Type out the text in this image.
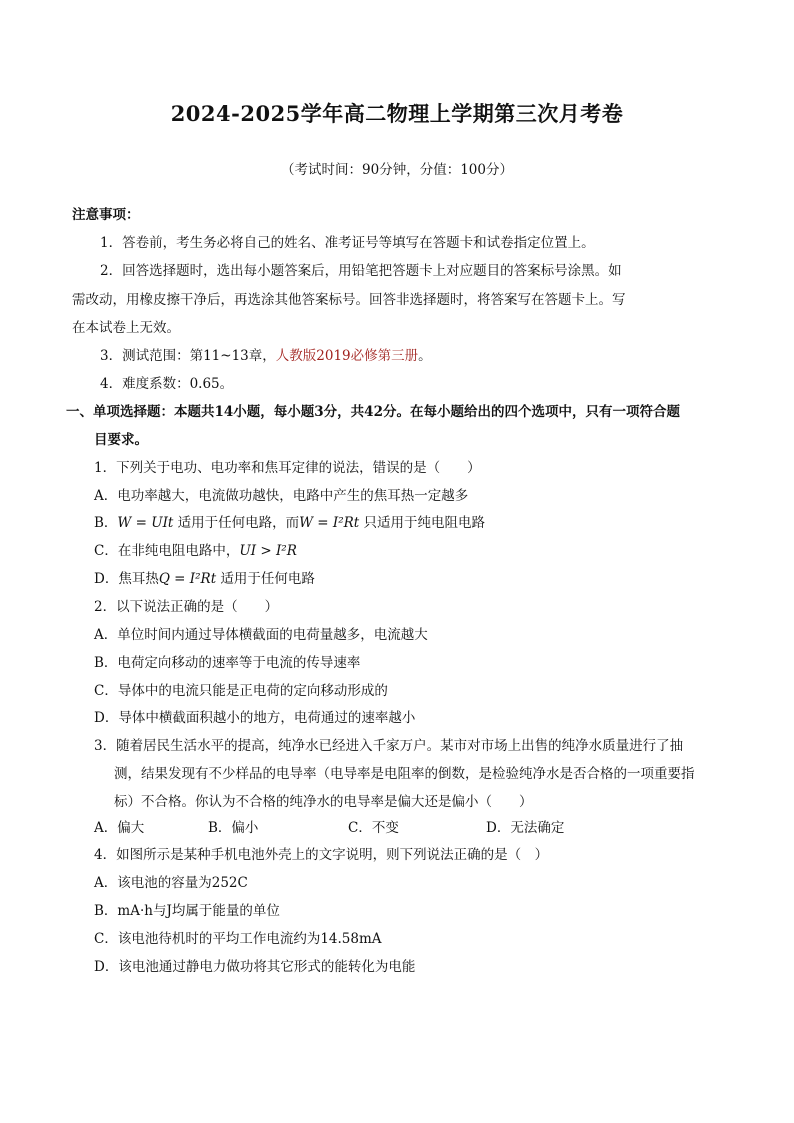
2024-2025学年高二物理上学期第三次月考卷
（考试时间：90分钟，分值：100分）
注意事项：
1．答卷前，考生务必将自己的姓名、准考证号等填写在答题卡和试卷指定位置上。
2．回答选择题时，选出每小题答案后，用铅笔把答题卡上对应题目的答案标号涂黑。如
需改动，用橡皮擦干净后，再选涂其他答案标号。回答非选择题时，将答案写在答题卡上。写
在本试卷上无效。
3．测试范围：第11~13章，人教版2019必修第三册。
4．难度系数：0.65。
一、单项选择题：本题共14小题，每小题3分，共42分。在每小题给出的四个选项中，只有一项符合题
目要求。
1．下列关于电功、电功率和焦耳定律的说法，错误的是（　　）
A．电功率越大，电流做功越快，电路中产生的焦耳热一定越多
B．W = UIt 适用于任何电路，而W = I²Rt 只适用于纯电阻电路
C．在非纯电阻电路中，UI > I²R
D．焦耳热Q = I²Rt 适用于任何电路
2．以下说法正确的是（　　）
A．单位时间内通过导体横截面的电荷量越多，电流越大
B．电荷定向移动的速率等于电流的传导速率
C．导体中的电流只能是正电荷的定向移动形成的
D．导体中横截面积越小的地方，电荷通过的速率越小
3．随着居民生活水平的提高，纯净水已经进入千家万户。某市对市场上出售的纯净水质量进行了抽
测，结果发现有不少样品的电导率（电导率是电阻率的倒数，是检验纯净水是否合格的一项重要指
标）不合格。你认为不合格的纯净水的电导率是偏大还是偏小（　　）
A．偏大	B．偏小	C．不变	D．无法确定
4．如图所示是某种手机电池外壳上的文字说明，则下列说法正确的是（　）
A．该电池的容量为252C
B．mA·h与J均属于能量的单位
C．该电池待机时的平均工作电流约为14.58mA
D．该电池通过静电力做功将其它形式的能转化为电能
